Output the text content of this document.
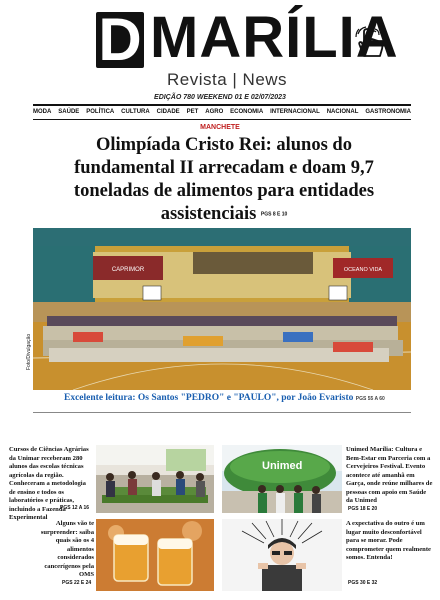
D MARÍLIA
Revista | News
EDIÇÃO 780 WEEKEND 01 E 02/07/2023
MODA SAÚDE POLÍTICA CULTURA CIDADE PET AGRO ECONOMIA INTERNACIONAL NACIONAL GASTRONOMIA
MANCHETE
Olimpíada Cristo Rei: alunos do fundamental II arrecadam e doam 9,7 toneladas de alimentos para entidades assistenciais PGS 8 E 10
CAPRIMOR	OCEANO VIDA
Foto/Divulgação
Excelente leitura: Os Santos "PEDRO" e "PAULO", por João Evaristo PGS 55 A 60
Cursos de Ciências Agrárias da Unimar receberam 280 alunos das escolas técnicas agrícolas da região. Conheceram a metodologia de ensino e todos os laboratórios e práticas, incluindo a Fazenda Experimental
PGS 12 A 16
Unimed
Unimed Marília: Cultura e Bem-Estar em Parceria com a Cervejeiros Festival. Evento acontece até amanhã em Garça, onde reúne milhares de pessoas com apoio em Saúde da Unimed
PGS 18 E 20
Alguns vão te surpreender: saiba quais são os 4 alimentos considerados cancerígenos pela OMS
PGS 22 E 24
A expectativa do outro é um lugar muito desconfortável para se morar. Pode comprometer quem realmente somos. Entenda!
PGS 30 E 32
